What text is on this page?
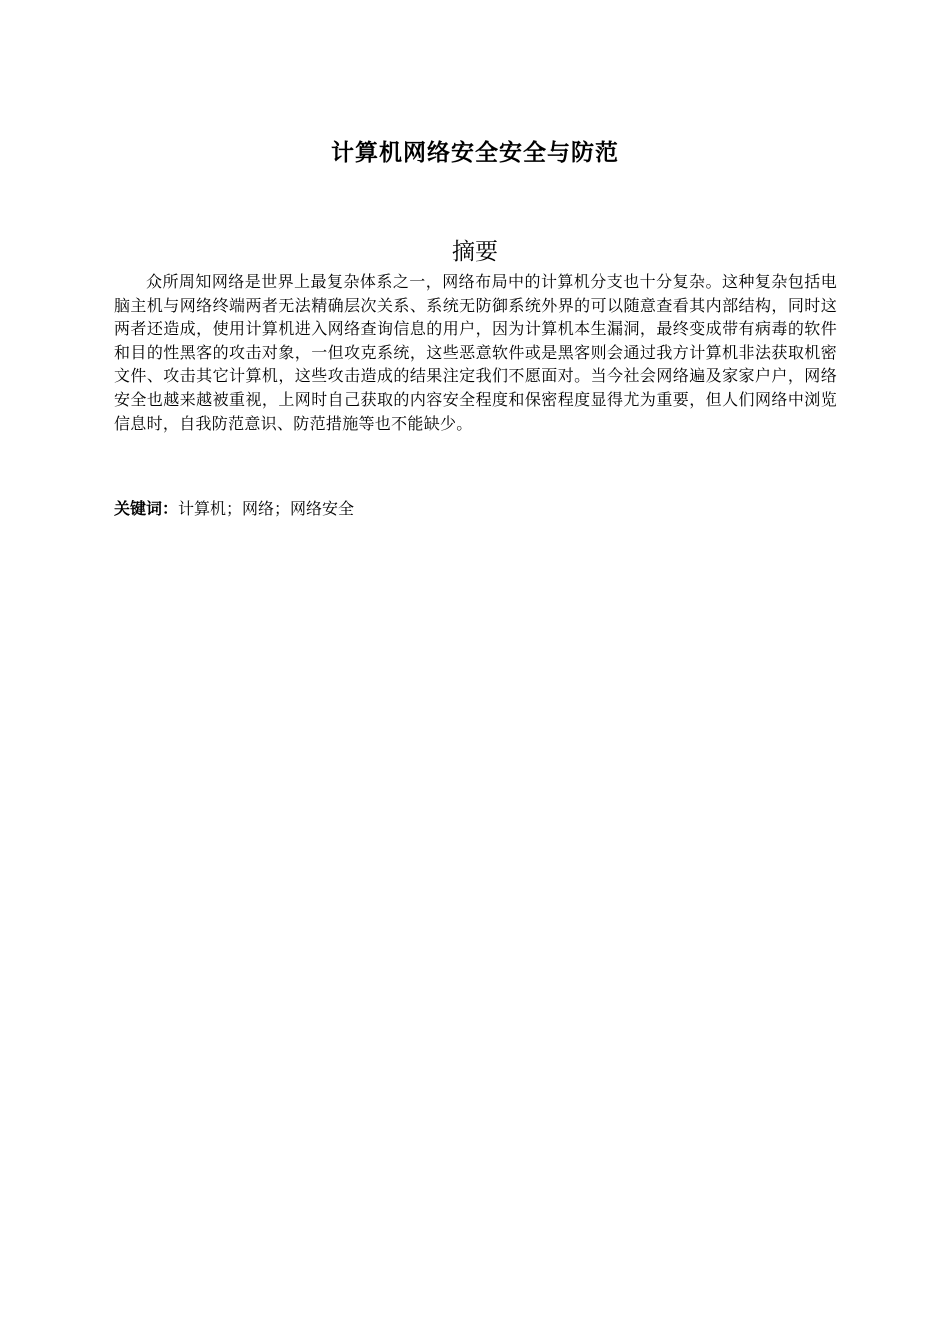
计算机网络安全安全与防范
摘要

众所周知网络是世界上最复杂体系之一，网络布局中的计算机分支也十分复杂。这种复杂包括电脑主机与网络终端两者无法精确层次关系、系统无防御系统外界的可以随意查看其内部结构，同时这两者还造成，使用计算机进入网络查询信息的用户，因为计算机本生漏洞，最终变成带有病毒的软件和目的性黑客的攻击对象，一但攻克系统，这些恶意软件或是黑客则会通过我方计算机非法获取机密文件、攻击其它计算机，这些攻击造成的结果注定我们不愿面对。当今社会网络遍及家家户户，网络安全也越来越被重视，上网时自己获取的内容安全程度和保密程度显得尤为重要，但人们网络中浏览信息时，自我防范意识、防范措施等也不能缺少。

关键词：计算机；网络；网络安全
